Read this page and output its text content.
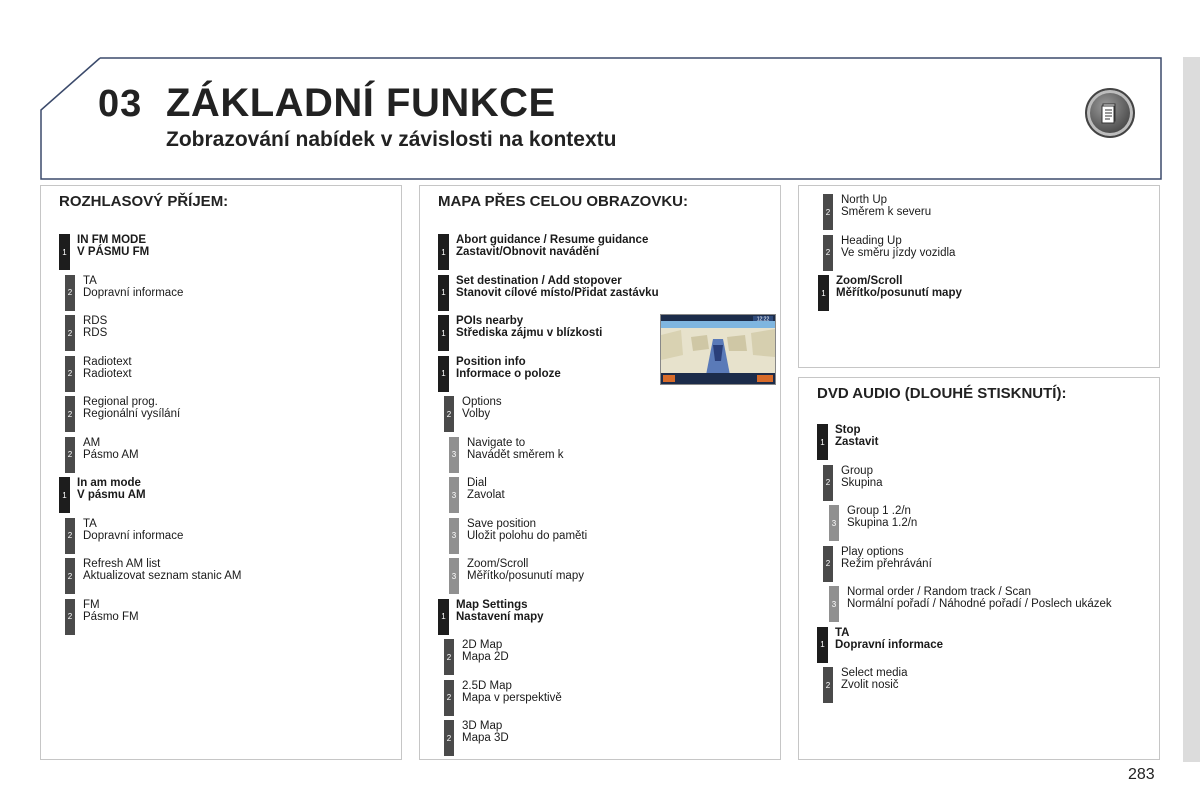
03 ZÁKLADNÍ FUNKCE
Zobrazování nabídek v závislosti na kontextu
ROZHLASOVÝ PŘÍJEM:
1
IN FM MODE
V PÁSMU FM
2
TA
Dopravní informace
2
RDS
RDS
2
Radiotext
Radiotext
2
Regional prog.
Regionální vysílání
2
AM
Pásmo AM
1
In am mode
V pásmu AM
2
TA
Dopravní informace
2
Refresh AM list
Aktualizovat seznam stanic AM
2
FM
Pásmo FM
MAPA PŘES CELOU OBRAZOVKU:
12:22
1
Abort guidance / Resume guidance
Zastavit/Obnovit navádění
1
Set destination / Add stopover
Stanovit cílové místo/Přidat zastávku
1
POIs nearby
Střediska zájmu v blízkosti
1
Position info
Informace o poloze
2
Options
Volby
3
Navigate to
Navádět směrem k
3
Dial
Zavolat
3
Save position
Uložit polohu do paměti
3
Zoom/Scroll
Měřítko/posunutí mapy
1
Map Settings
Nastavení mapy
2
2D Map
Mapa 2D
2
2.5D Map
Mapa v perspektivě
2
3D Map
Mapa 3D
2
North Up
Směrem k severu
2
Heading Up
Ve směru jízdy vozidla
1
Zoom/Scroll
Měřítko/posunutí mapy
DVD AUDIO (DLOUHÉ STISKNUTÍ):
1
Stop
Zastavit
2
Group
Skupina
3
Group 1 .2/n
Skupina 1.2/n
2
Play options
Režim přehrávání
3
Normal order / Random track / Scan
Normální pořadí / Náhodné pořadí / Poslech ukázek
1
TA
Dopravní informace
2
Select media
Zvolit nosič
283
